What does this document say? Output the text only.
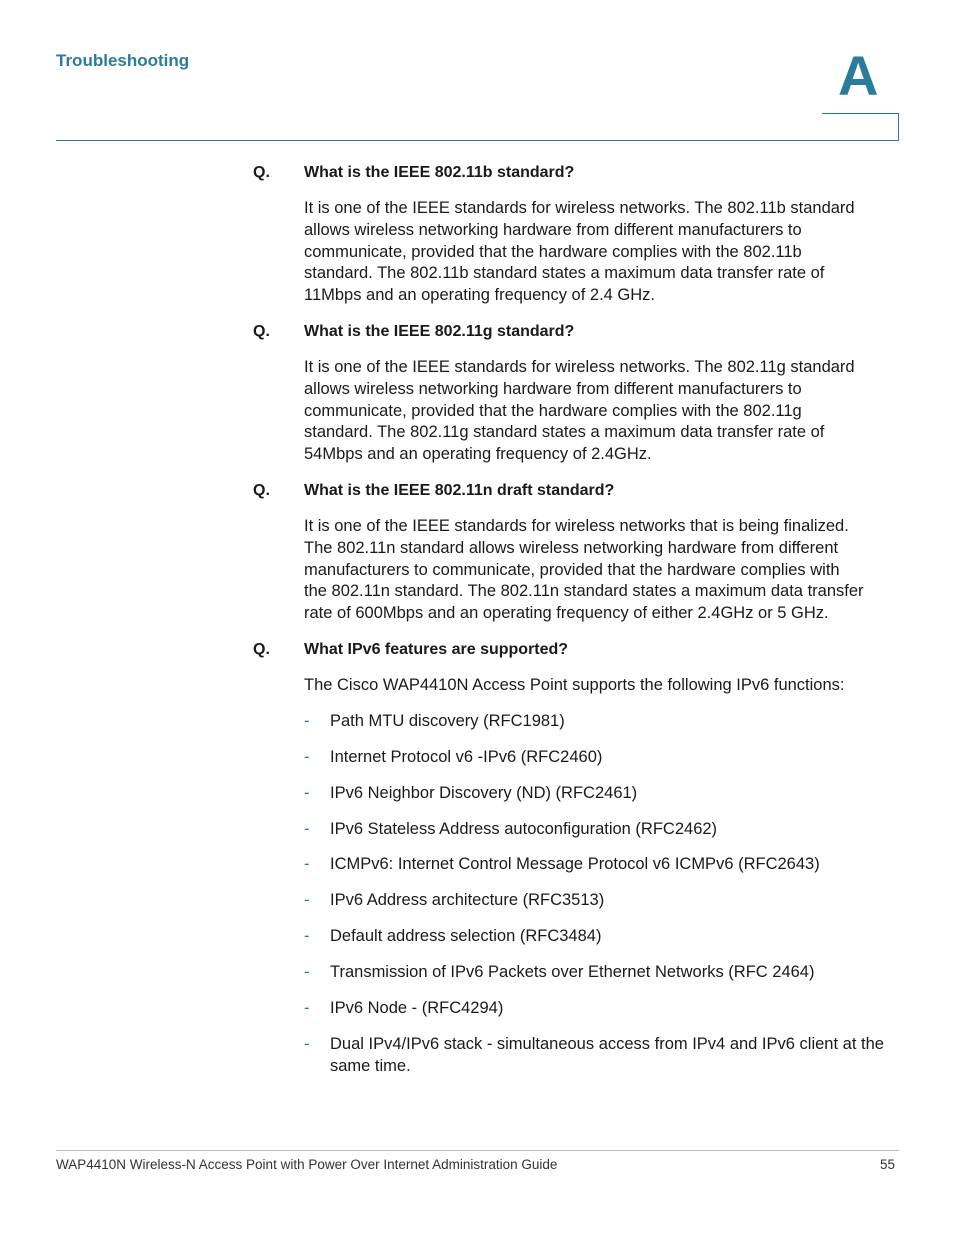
Troubleshooting	A
Q. What is the IEEE 802.11b standard?
It is one of the IEEE standards for wireless networks. The 802.11b standard
allows wireless networking hardware from different manufacturers to
communicate, provided that the hardware complies with the 802.11b
standard. The 802.11b standard states a maximum data transfer rate of
11Mbps and an operating frequency of 2.4 GHz.
Q. What is the IEEE 802.11g standard?
It is one of the IEEE standards for wireless networks. The 802.11g standard
allows wireless networking hardware from different manufacturers to
communicate, provided that the hardware complies with the 802.11g
standard. The 802.11g standard states a maximum data transfer rate of
54Mbps and an operating frequency of 2.4GHz.
Q. What is the IEEE 802.11n draft standard?
It is one of the IEEE standards for wireless networks that is being finalized.
The 802.11n standard allows wireless networking hardware from different
manufacturers to communicate, provided that the hardware complies with
the 802.11n standard. The 802.11n standard states a maximum data transfer
rate of 600Mbps and an operating frequency of either 2.4GHz or 5 GHz.
Q. What IPv6 features are supported?
The Cisco WAP4410N Access Point supports the following IPv6 functions:
- Path MTU discovery (RFC1981)
- Internet Protocol v6 -IPv6 (RFC2460)
- IPv6 Neighbor Discovery (ND) (RFC2461)
- IPv6 Stateless Address autoconfiguration (RFC2462)
- ICMPv6: Internet Control Message Protocol v6 ICMPv6 (RFC2643)
- IPv6 Address architecture (RFC3513)
- Default address selection (RFC3484)
- Transmission of IPv6 Packets over Ethernet Networks (RFC 2464)
- IPv6 Node - (RFC4294)
- Dual IPv4/IPv6 stack - simultaneous access from IPv4 and IPv6 client at the same time.
WAP4410N Wireless-N Access Point with Power Over Internet Administration Guide	55
